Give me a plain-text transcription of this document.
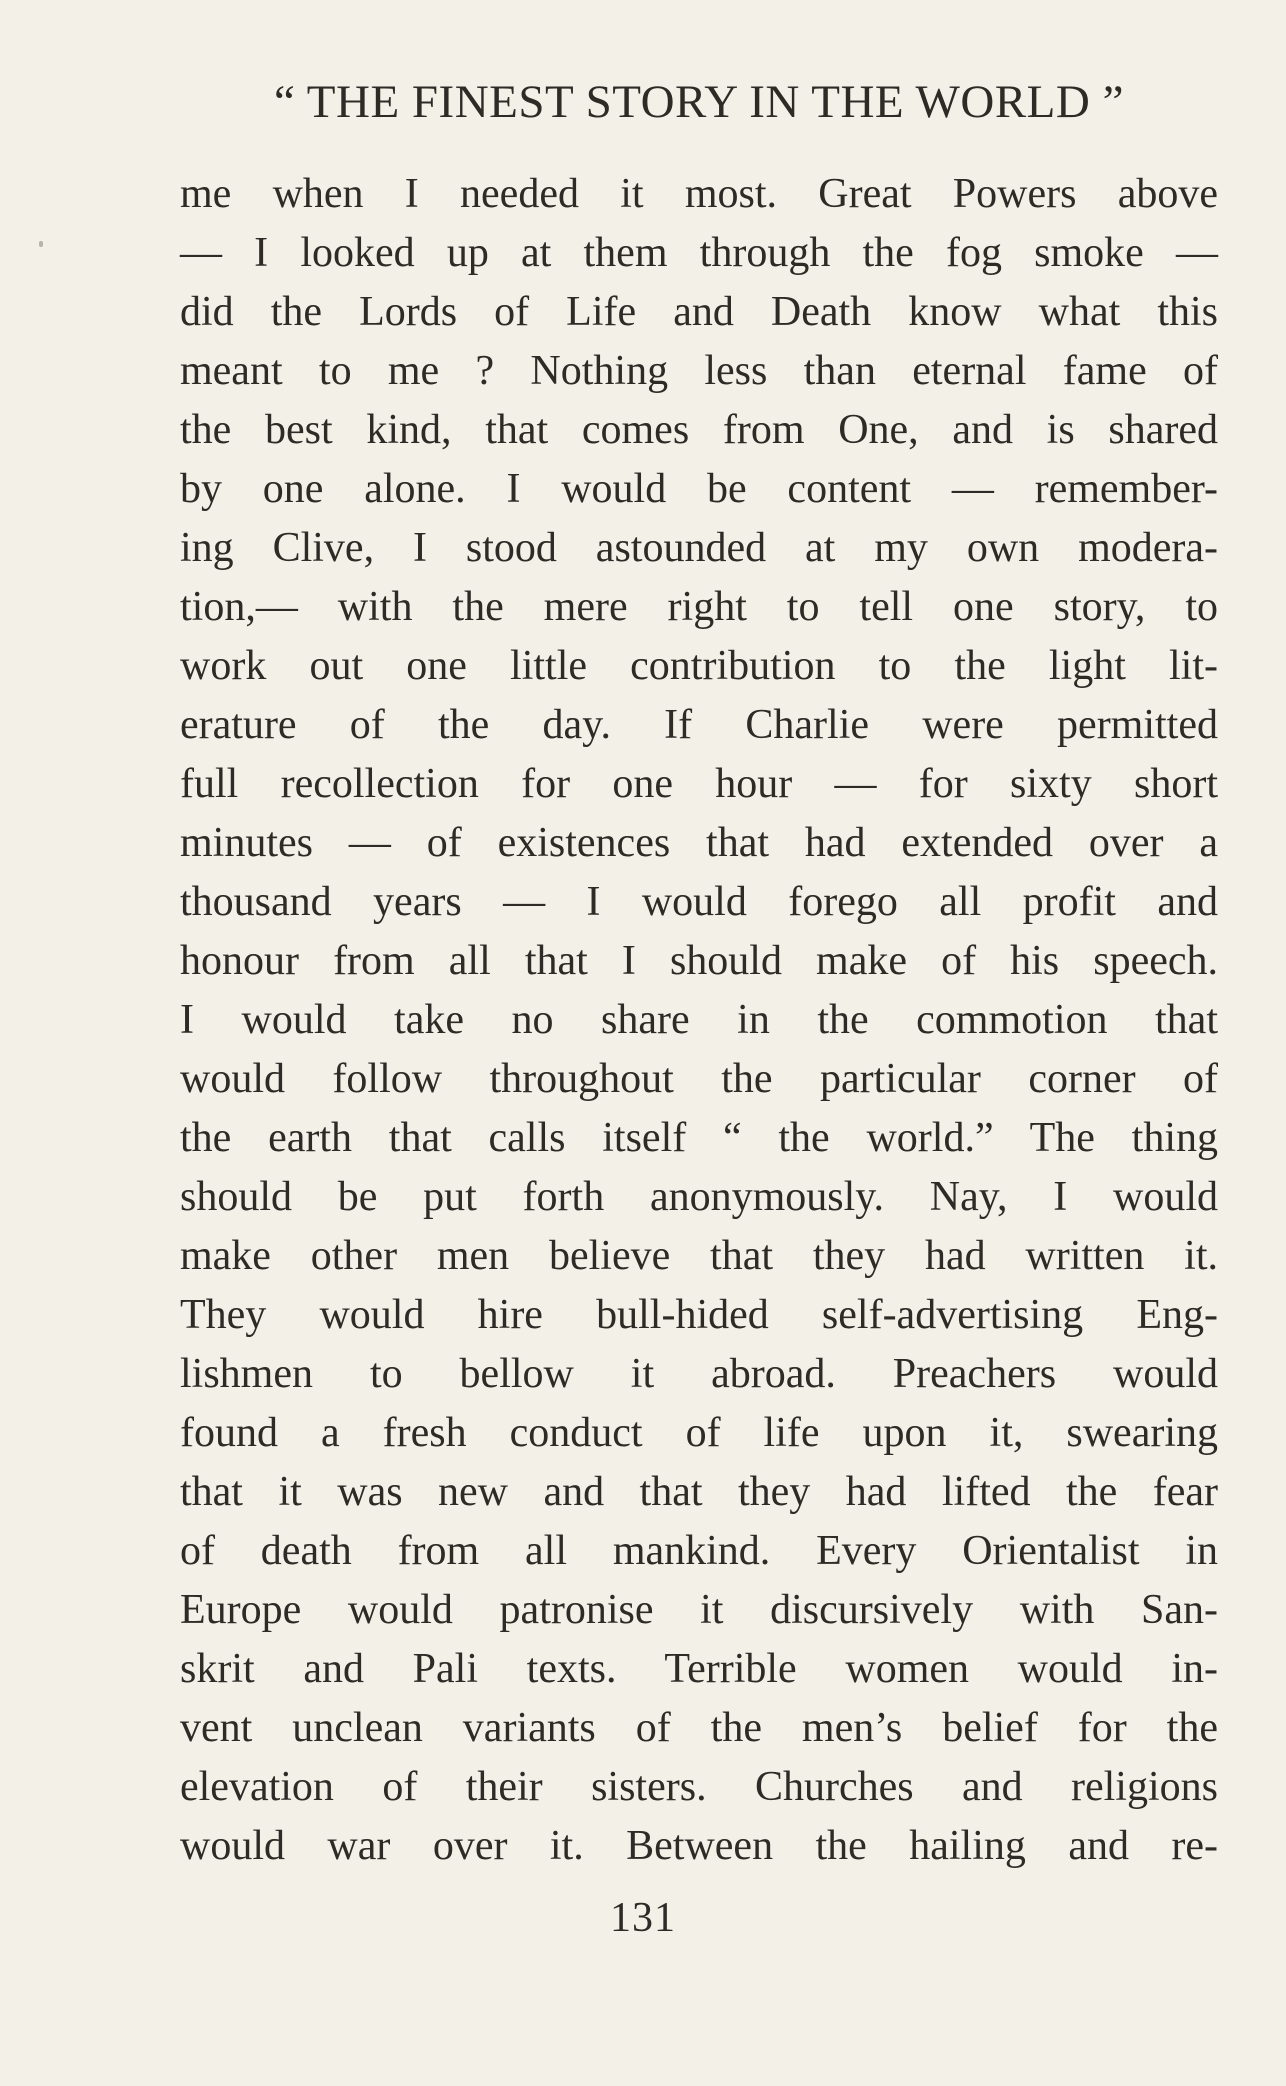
“ THE FINEST STORY IN THE WORLD ”
me when I needed it most. Great Powers above
— I looked up at them through the fog smoke —
did the Lords of Life and Death know what this
meant to me ? Nothing less than eternal fame of
the best kind, that comes from One, and is shared
by one alone. I would be content — remember-
ing Clive, I stood astounded at my own modera-
tion,— with the mere right to tell one story, to
work out one little contribution to the light lit-
erature of the day. If Charlie were permitted
full recollection for one hour — for sixty short
minutes — of existences that had extended over a
thousand years — I would forego all profit and
honour from all that I should make of his speech.
I would take no share in the commotion that
would follow throughout the particular corner of
the earth that calls itself “ the world.” The thing
should be put forth anonymously. Nay, I would
make other men believe that they had written it.
They would hire bull-hided self-advertising Eng-
lishmen to bellow it abroad. Preachers would
found a fresh conduct of life upon it, swearing
that it was new and that they had lifted the fear
of death from all mankind. Every Orientalist in
Europe would patronise it discursively with San-
skrit and Pali texts. Terrible women would in-
vent unclean variants of the men’s belief for the
elevation of their sisters. Churches and religions
would war over it. Between the hailing and re-
131
